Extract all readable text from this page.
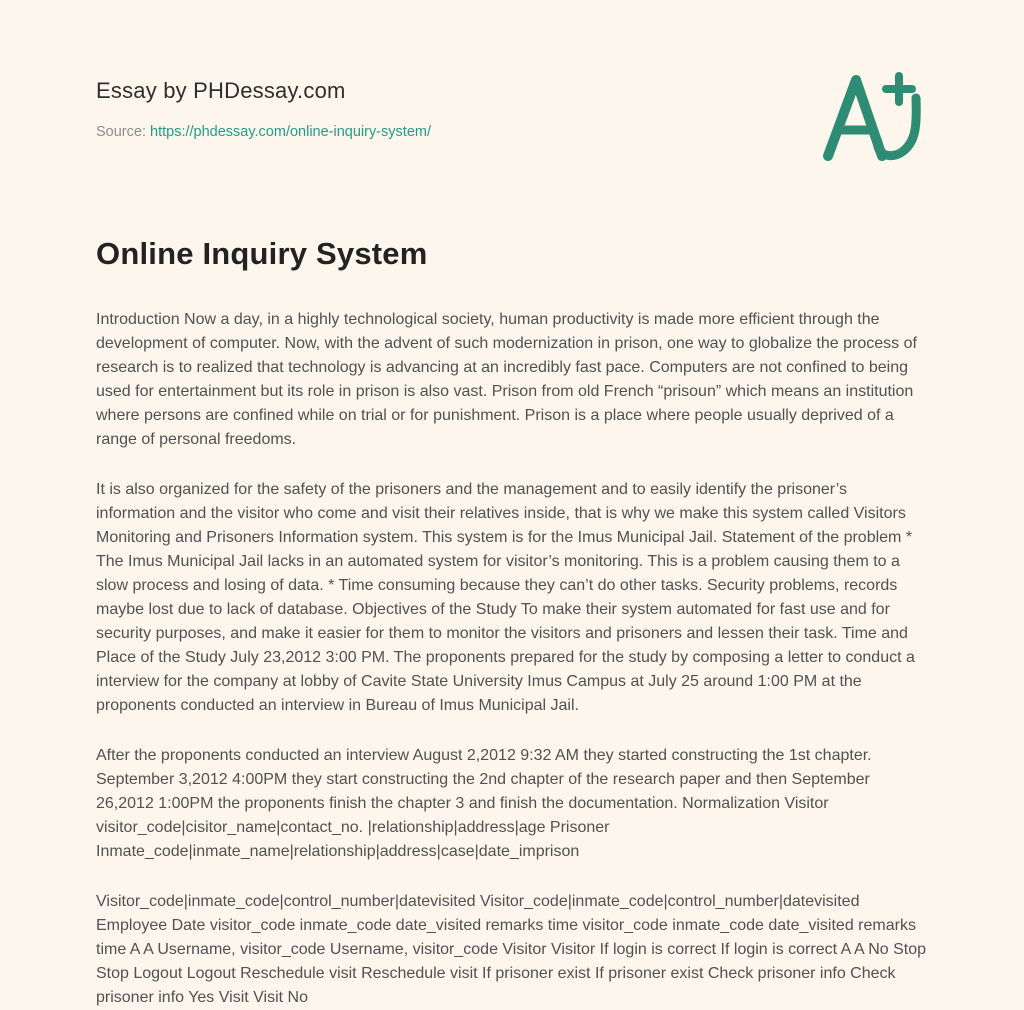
Essay by PHDessay.com
Source: https://phdessay.com/online-inquiry-system/
Online Inquiry System

Introduction Now a day, in a highly technological society, human productivity is made more efficient through the development of computer. Now, with the advent of such modernization in prison, one way to globalize the process of research is to realized that technology is advancing at an incredibly fast pace. Computers are not confined to being used for entertainment but its role in prison is also vast. Prison from old French “prisoun” which means an institution where persons are confined while on trial or for punishment. Prison is a place where people usually deprived of a range of personal freedoms.

It is also organized for the safety of the prisoners and the management and to easily identify the prisoner’s information and the visitor who come and visit their relatives inside, that is why we make this system called Visitors Monitoring and Prisoners Information system. This system is for the Imus Municipal Jail. Statement of the problem * The Imus Municipal Jail lacks in an automated system for visitor’s monitoring. This is a problem causing them to a slow process and losing of data. * Time consuming because they can’t do other tasks. Security problems, records maybe lost due to lack of database. Objectives of the Study To make their system automated for fast use and for security purposes, and make it easier for them to monitor the visitors and prisoners and lessen their task. Time and Place of the Study July 23,2012 3:00 PM. The proponents prepared for the study by composing a letter to conduct a interview for the company at lobby of Cavite State University Imus Campus at July 25 around 1:00 PM at the proponents conducted an interview in Bureau of Imus Municipal Jail.

After the proponents conducted an interview August 2,2012 9:32 AM they started constructing the 1st chapter. September 3,2012 4:00PM they start constructing the 2nd chapter of the research paper and then September 26,2012 1:00PM the proponents finish the chapter 3 and finish the documentation. Normalization Visitor visitor_code|cisitor_name|contact_no. |relationship|address|age Prisoner Inmate_code|inmate_name|relationship|address|case|date_imprison

Visitor_code|inmate_code|control_number|datevisited Visitor_code|inmate_code|control_number|datevisited Employee Date visitor_code inmate_code date_visited remarks time visitor_code inmate_code date_visited remarks time A A Username, visitor_code Username, visitor_code Visitor Visitor If login is correct If login is correct A A No Stop Stop Logout Logout Reschedule visit Reschedule visit If prisoner exist If prisoner exist Check prisoner info Check prisoner info Yes Visit Visit No
